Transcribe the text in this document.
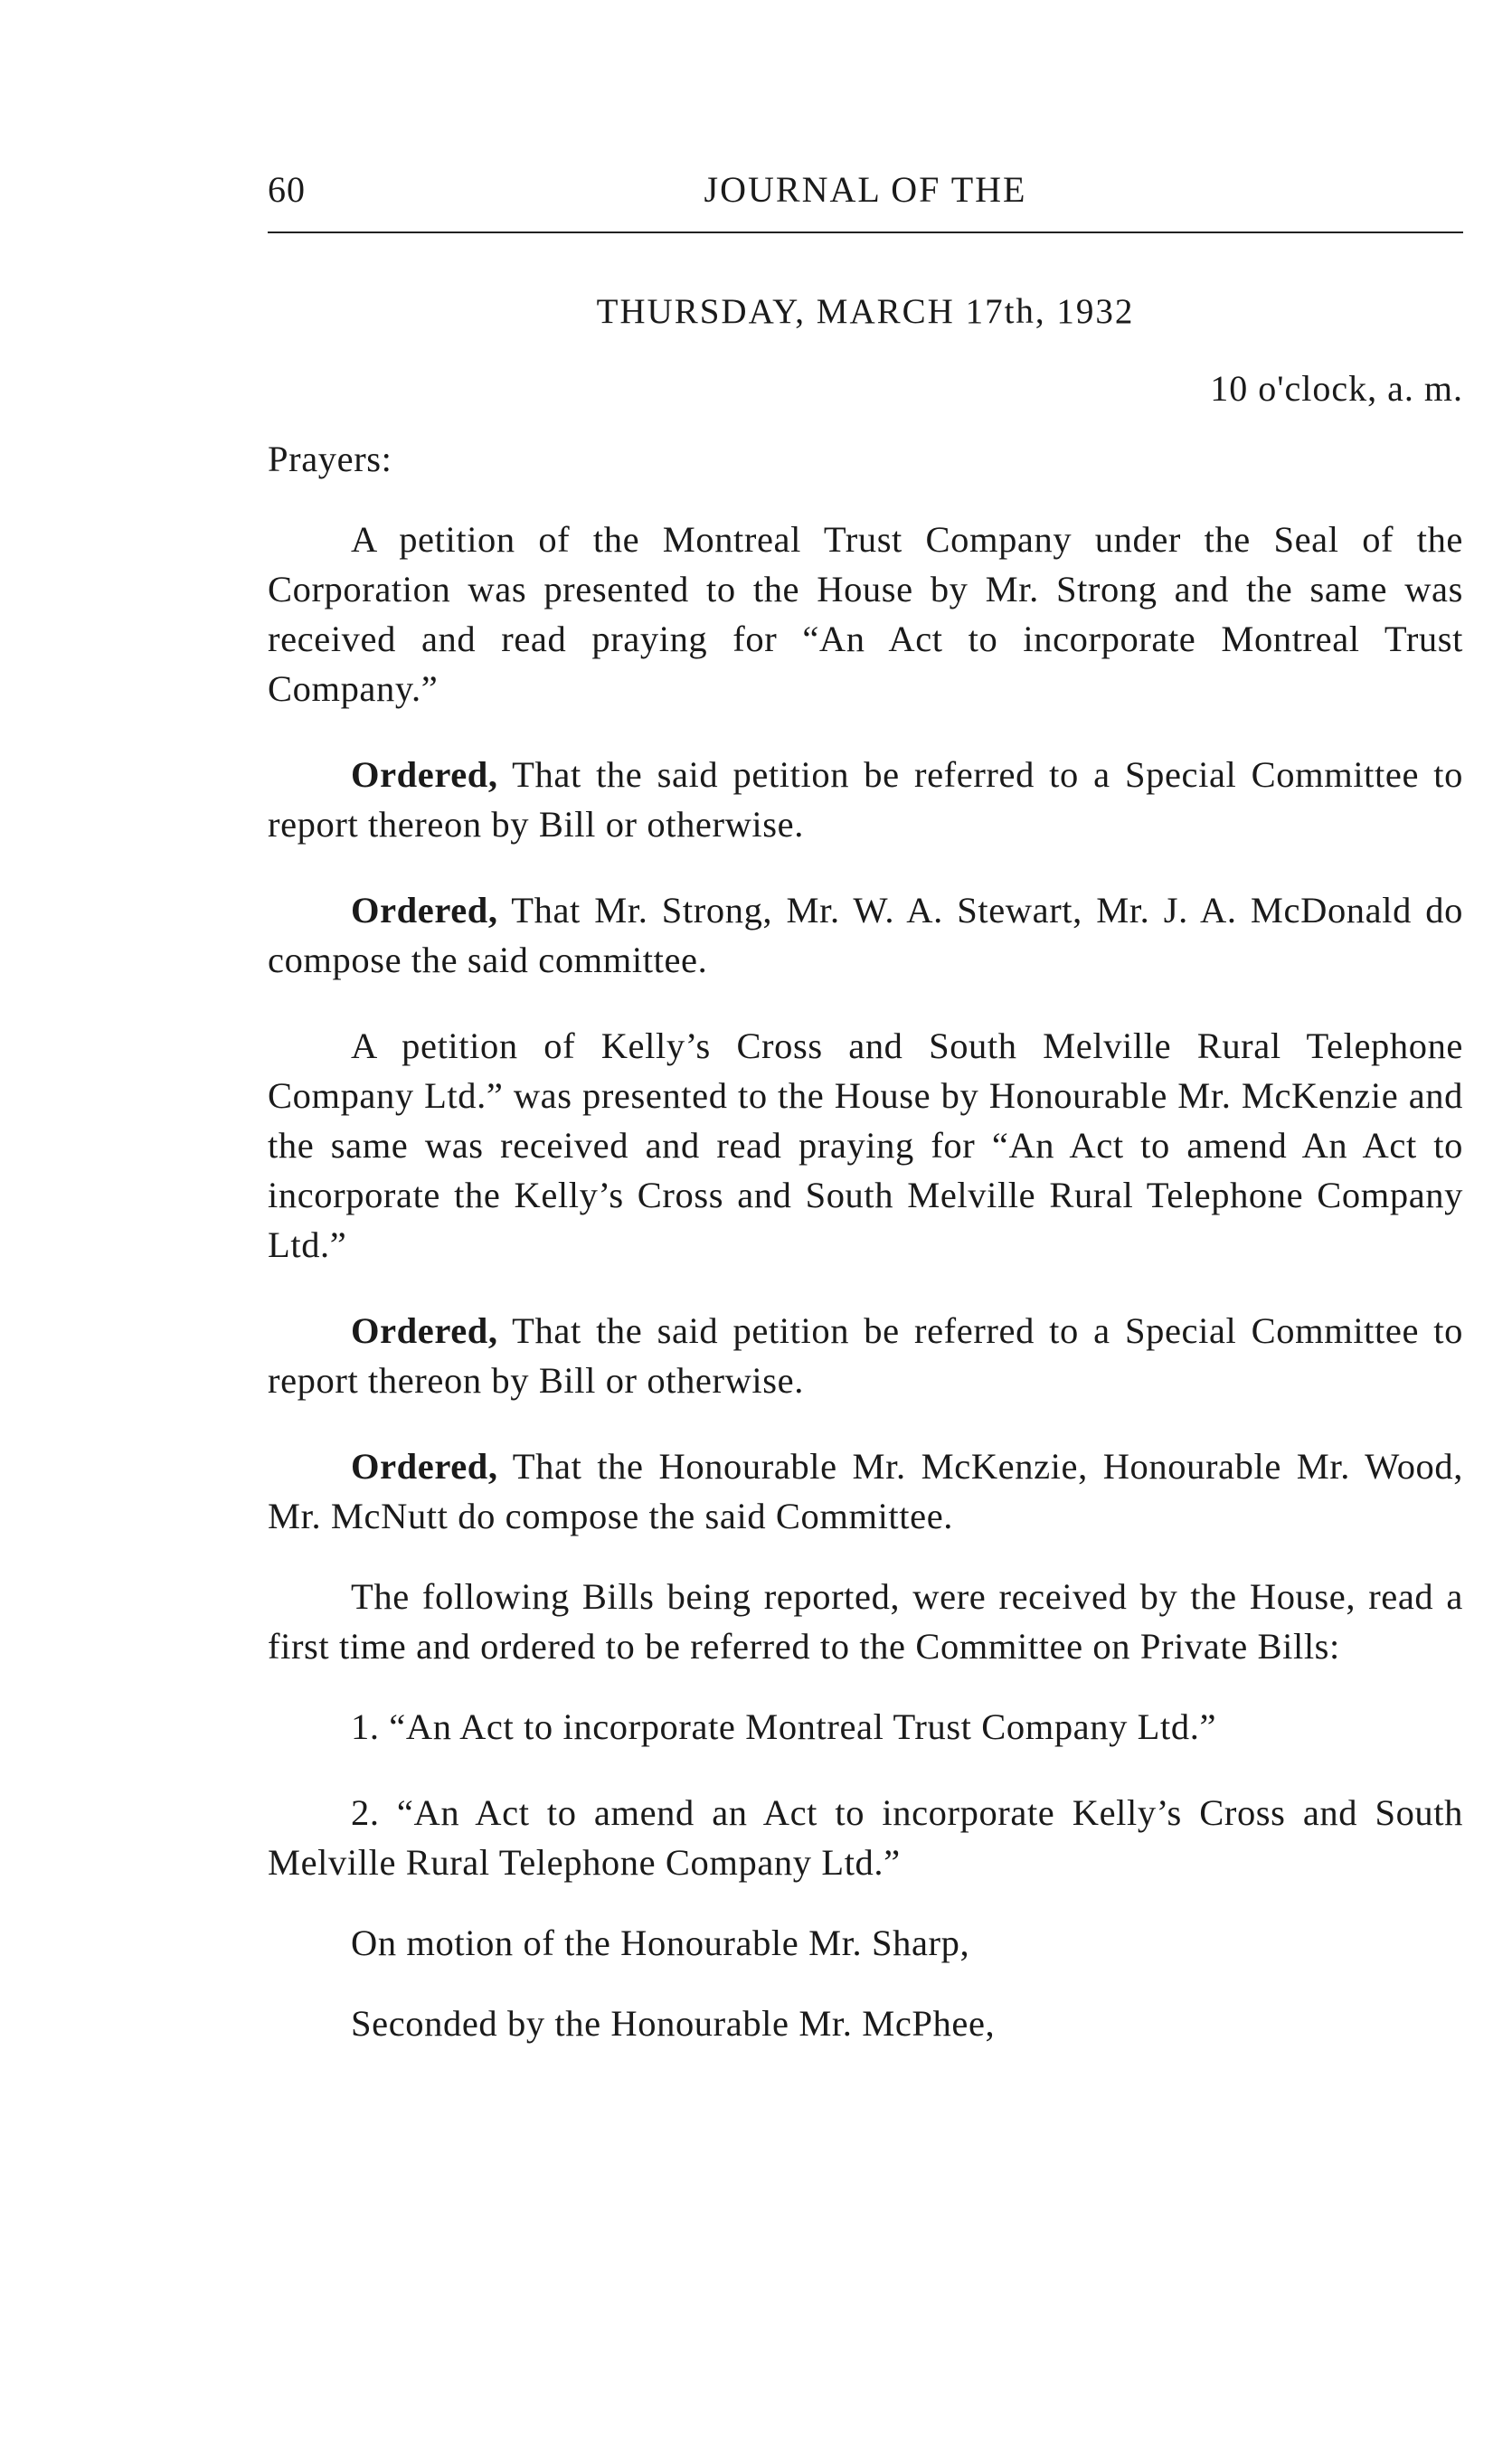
60	JOURNAL OF THE
THURSDAY, MARCH 17th, 1932
10 o'clock, a. m.

Prayers:

A petition of the Montreal Trust Company under the Seal of the Corporation was presented to the House by Mr. Strong and the same was received and read praying for “An Act to incorporate Montreal Trust Company.”

Ordered, That the said petition be referred to a Special Committee to report thereon by Bill or otherwise.

Ordered, That Mr. Strong, Mr. W. A. Stewart, Mr. J. A. McDonald do compose the said committee.

A petition of Kelly’s Cross and South Melville Rural Telephone Company Ltd.” was presented to the House by Honourable Mr. McKenzie and the same was received and read praying for “An Act to amend An Act to incorporate the Kelly’s Cross and South Melville Rural Telephone Company Ltd.”

Ordered, That the said petition be referred to a Special Committee to report thereon by Bill or otherwise.

Ordered, That the Honourable Mr. McKenzie, Honourable Mr. Wood, Mr. McNutt do compose the said Committee.

The following Bills being reported, were received by the House, read a first time and ordered to be referred to the Committee on Private Bills:

1. “An Act to incorporate Montreal Trust Company Ltd.”

2. “An Act to amend an Act to incorporate Kelly’s Cross and South Melville Rural Telephone Company Ltd.”

On motion of the Honourable Mr. Sharp,

Seconded by the Honourable Mr. McPhee,
